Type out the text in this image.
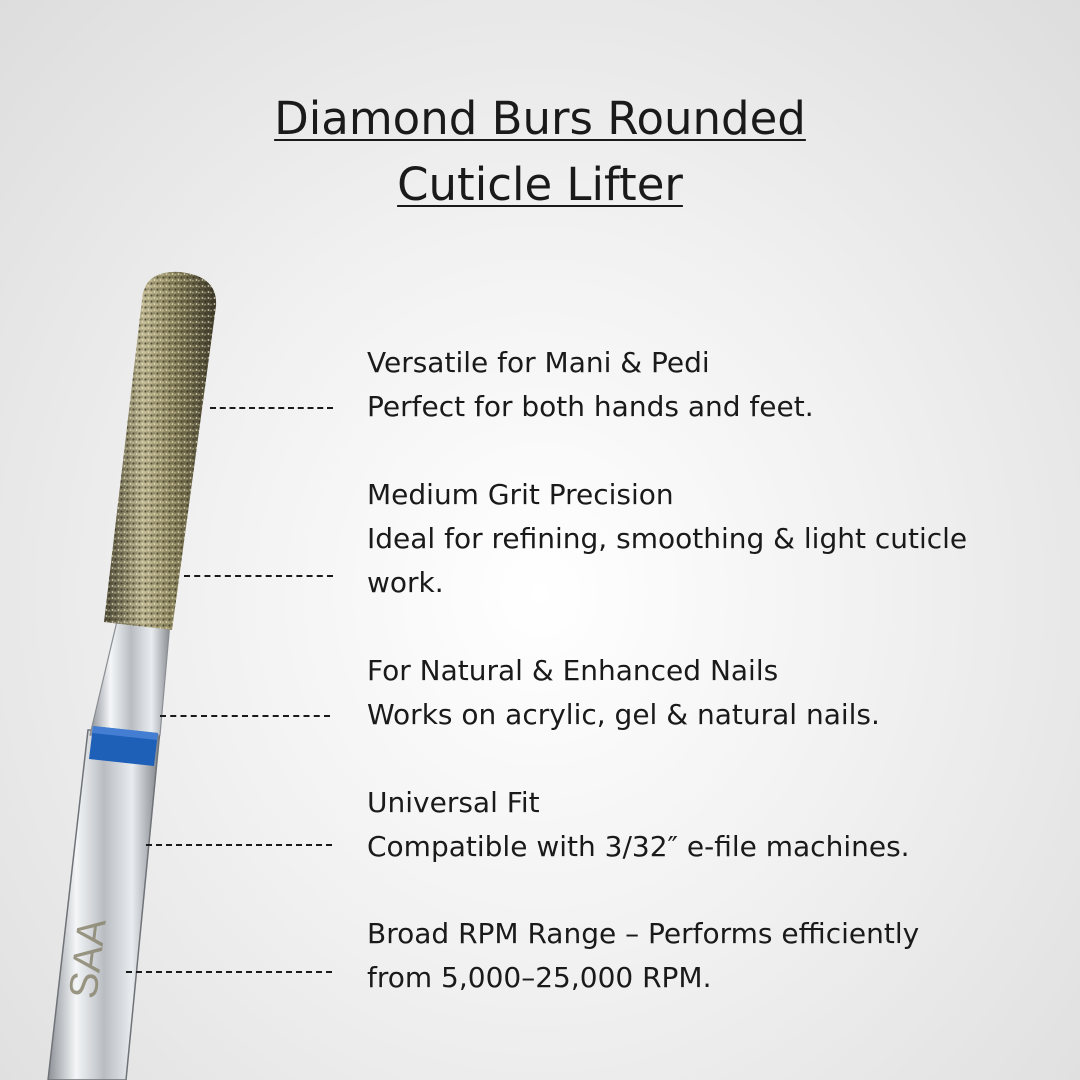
Diamond Burs Rounded
Cuticle Lifter
SAA
Versatile for Mani & Pedi
Perfect for both hands and feet.
Medium Grit Precision
Ideal for refining, smoothing & light cuticle work.
For Natural & Enhanced Nails
Works on acrylic, gel & natural nails.
Universal Fit
Compatible with 3/32″ e-file machines.
Broad RPM Range – Performs efficiently from 5,000–25,000 RPM.
